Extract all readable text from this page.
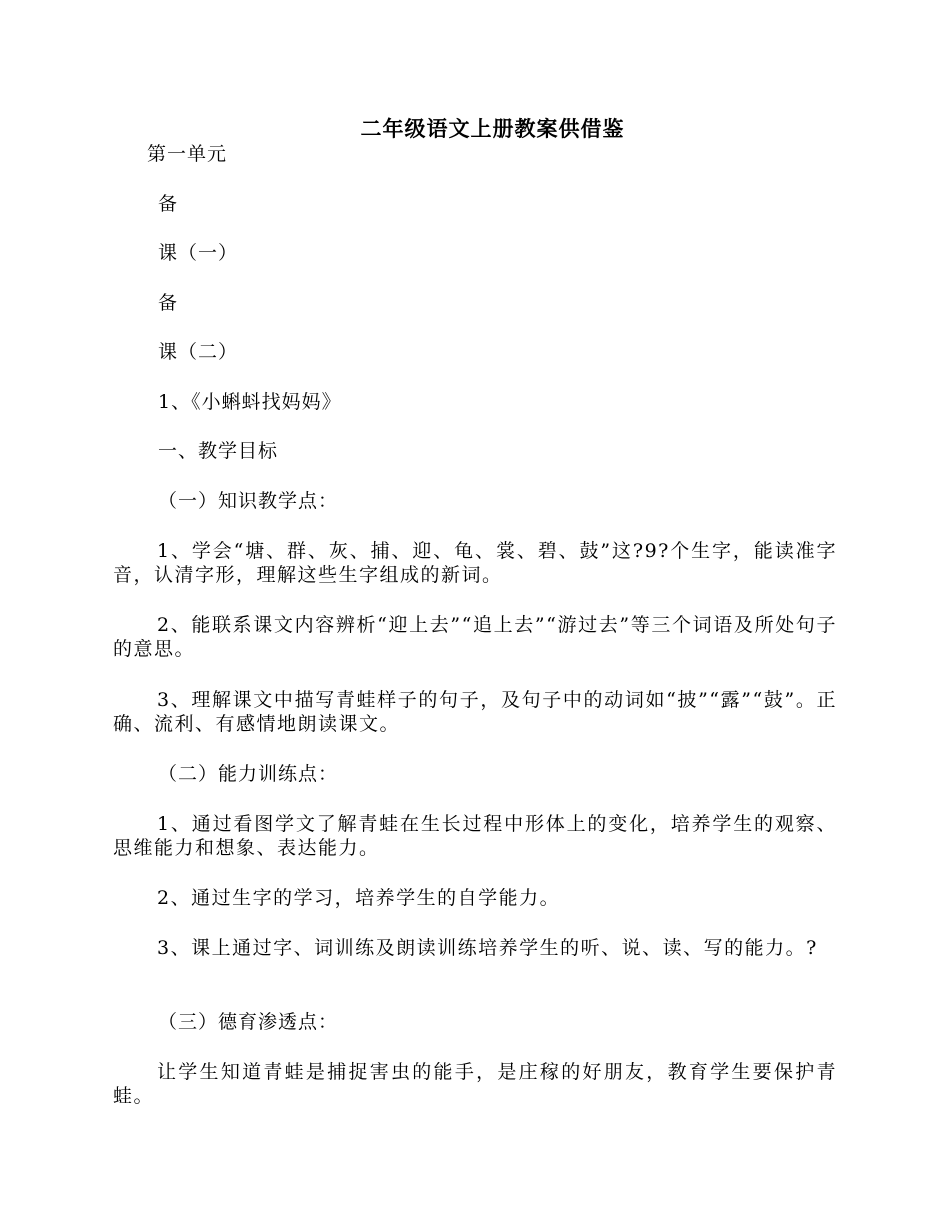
二年级语文上册教案供借鉴
第一单元
备
课（一）
备
课（二）
1、《小蝌蚪找妈妈》
一、教学目标
（一）知识教学点：
1、学会“塘、群、灰、捕、迎、龟、裳、碧、鼓”这?9?个生字，能读准字音，认清字形，理解这些生字组成的新词。
2、能联系课文内容辨析“迎上去”“追上去”“游过去”等三个词语及所处句子的意思。
3、理解课文中描写青蛙样子的句子，及句子中的动词如“披”“露”“鼓”。正确、流利、有感情地朗读课文。
（二）能力训练点：
1、通过看图学文了解青蛙在生长过程中形体上的变化，培养学生的观察、思维能力和想象、表达能力。
2、通过生字的学习，培养学生的自学能力。
3、课上通过字、词训练及朗读训练培养学生的听、说、读、写的能力。?
（三）德育渗透点：
让学生知道青蛙是捕捉害虫的能手，是庄稼的好朋友，教育学生要保护青蛙。
